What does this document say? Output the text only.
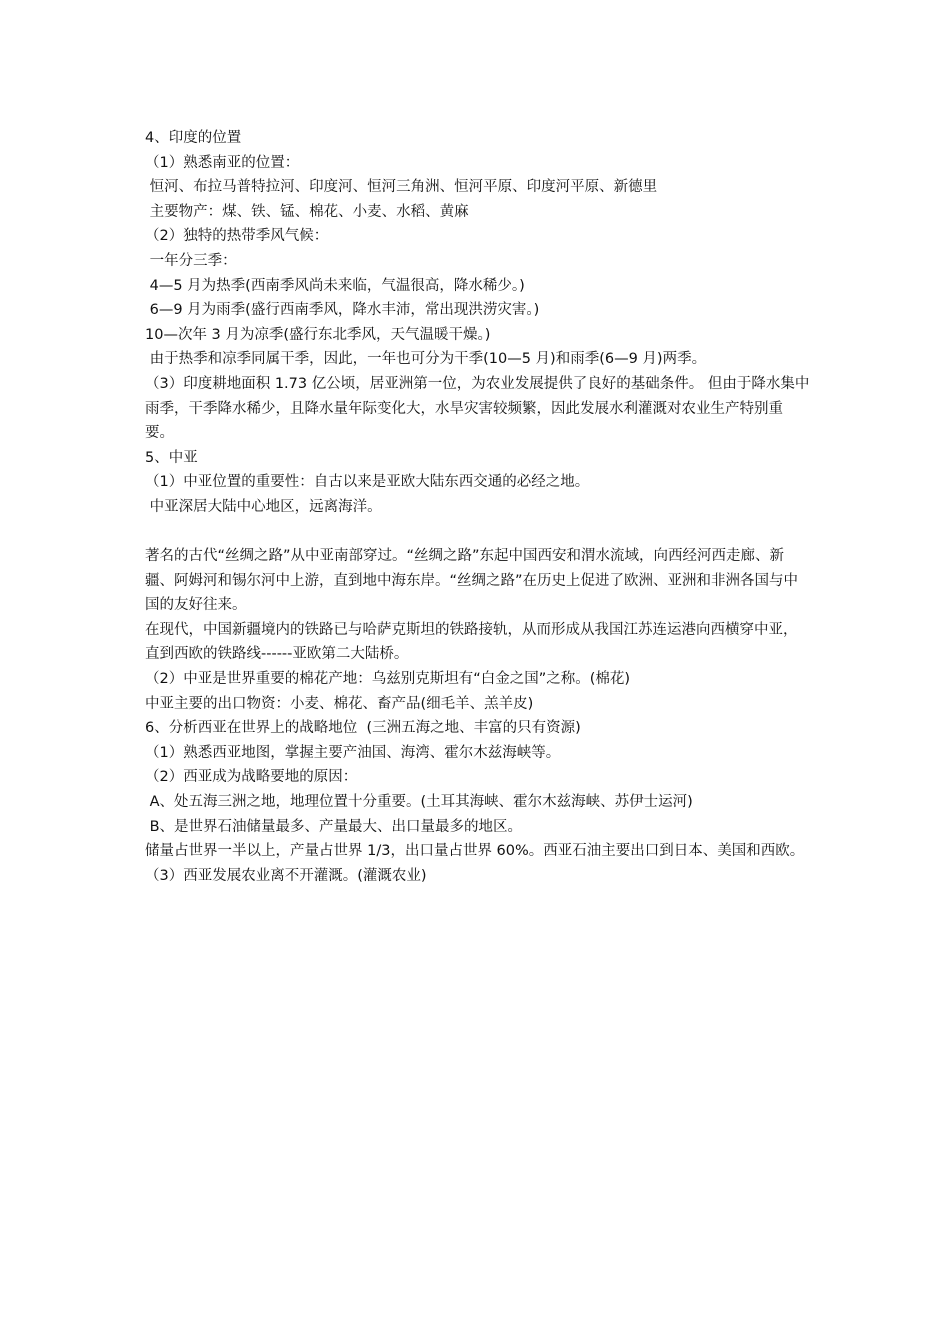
4、印度的位置

（1）熟悉南亚的位置：

恒河、布拉马普特拉河、印度河、恒河三角洲、恒河平原、印度河平原、新德里

主要物产：煤、铁、锰、棉花、小麦、水稻、黄麻

（2）独特的热带季风气候：

一年分三季：

4—5 月为热季(西南季风尚未来临，气温很高，降水稀少。)

6—9 月为雨季(盛行西南季风，降水丰沛，常出现洪涝灾害。)

10—次年 3 月为凉季(盛行东北季风，天气温暖干燥。)

由于热季和凉季同属干季，因此，一年也可分为干季(10—5 月)和雨季(6—9 月)两季。

（3）印度耕地面积 1.73 亿公顷，居亚洲第一位，为农业发展提供了良好的基础条件。 但由于降水集中雨季，干季降水稀少，且降水量年际变化大，水旱灾害较频繁，因此发展水利灌溉对农业生产特别重要。

5、中亚

（1）中亚位置的重要性：自古以来是亚欧大陆东西交通的必经之地。

中亚深居大陆中心地区，远离海洋。

著名的古代“丝绸之路”从中亚南部穿过。“丝绸之路”东起中国西安和渭水流域，向西经河西走廊、新疆、阿姆河和锡尔河中上游，直到地中海东岸。“丝绸之路”在历史上促进了欧洲、亚洲和非洲各国与中国的友好往来。

在现代，中国新疆境内的铁路已与哈萨克斯坦的铁路接轨，从而形成从我国江苏连运港向西横穿中亚，直到西欧的铁路线------亚欧第二大陆桥。

（2）中亚是世界重要的棉花产地：乌兹别克斯坦有“白金之国”之称。(棉花)

中亚主要的出口物资：小麦、棉花、畜产品(细毛羊、羔羊皮)

6、分析西亚在世界上的战略地位  (三洲五海之地、丰富的只有资源)

（1）熟悉西亚地图，掌握主要产油国、海湾、霍尔木兹海峡等。

（2）西亚成为战略要地的原因：

A、处五海三洲之地，地理位置十分重要。(土耳其海峡、霍尔木兹海峡、苏伊士运河)

B、是世界石油储量最多、产量最大、出口量最多的地区。

储量占世界一半以上，产量占世界 1/3，出口量占世界 60%。西亚石油主要出口到日本、美国和西欧。

（3）西亚发展农业离不开灌溉。(灌溉农业)
